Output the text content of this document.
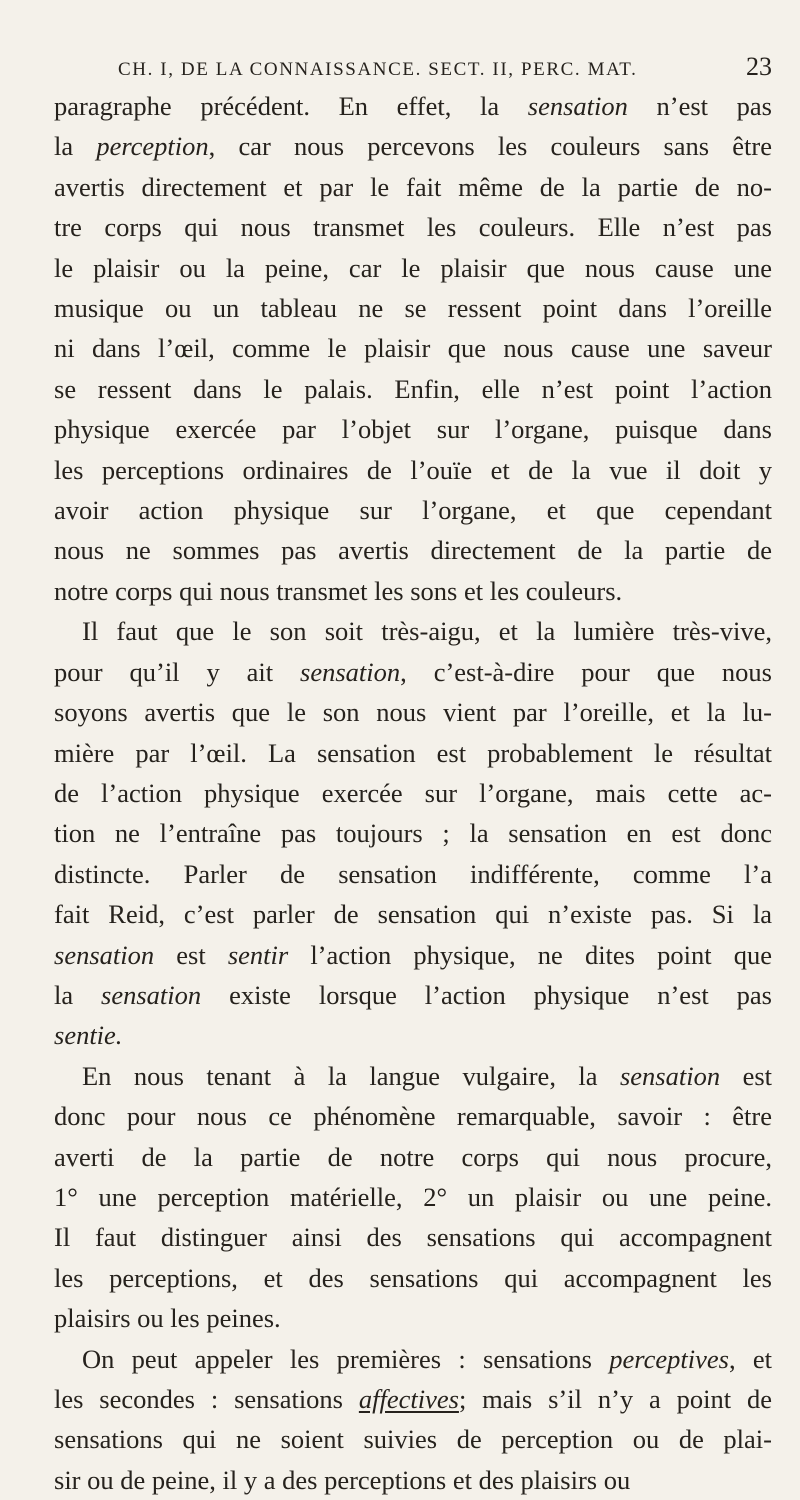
CH. I, DE LA CONNAISSANCE. SECT. II, PERC. MAT.	23
paragraphe précédent. En effet, la sensation n’est pas
la perception, car nous percevons les couleurs sans être
avertis directement et par le fait même de la partie de no-
tre corps qui nous transmet les couleurs. Elle n’est pas
le plaisir ou la peine, car le plaisir que nous cause une
musique ou un tableau ne se ressent point dans l’oreille
ni dans l’œil, comme le plaisir que nous cause une saveur
se ressent dans le palais. Enfin, elle n’est point l’action
physique exercée par l’objet sur l’organe, puisque dans
les perceptions ordinaires de l’ouïe et de la vue il doit y
avoir action physique sur l’organe, et que cependant
nous ne sommes pas avertis directement de la partie de
notre corps qui nous transmet les sons et les couleurs.
Il faut que le son soit très-aigu, et la lumière très-vive,
pour qu’il y ait sensation, c’est-à-dire pour que nous
soyons avertis que le son nous vient par l’oreille, et la lu-
mière par l’œil. La sensation est probablement le résultat
de l’action physique exercée sur l’organe, mais cette ac-
tion ne l’entraîne pas toujours ; la sensation en est donc
distincte. Parler de sensation indifférente, comme l’a
fait Reid, c’est parler de sensation qui n’existe pas. Si la
sensation est sentir l’action physique, ne dites point que
la sensation existe lorsque l’action physique n’est pas
sentie.
En nous tenant à la langue vulgaire, la sensation est
donc pour nous ce phénomène remarquable, savoir : être
averti de la partie de notre corps qui nous procure,
1° une perception matérielle, 2° un plaisir ou une peine.
Il faut distinguer ainsi des sensations qui accompagnent
les perceptions, et des sensations qui accompagnent les
plaisirs ou les peines.
On peut appeler les premières : sensations perceptives, et
les secondes : sensations affectives; mais s’il n’y a point de
sensations qui ne soient suivies de perception ou de plai-
sir ou de peine, il y a des perceptions et des plaisirs ou
